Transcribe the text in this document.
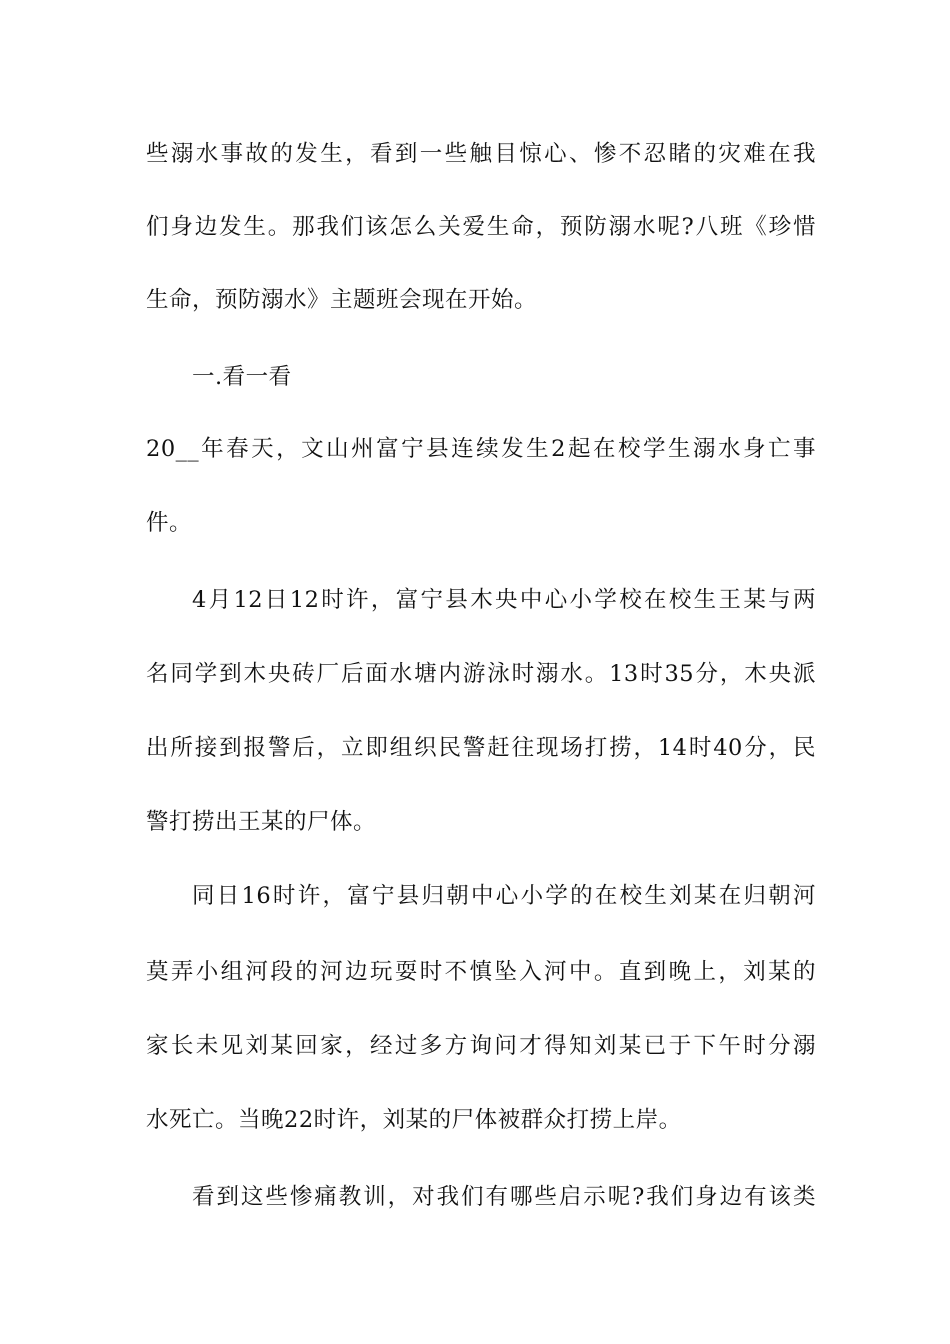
些溺水事故的发生，看到一些触目惊心、惨不忍睹的灾难在我
们身边发生。那我们该怎么关爱生命，预防溺水呢?八班《珍惜
生命，预防溺水》主题班会现在开始。
一.看一看
20__年春天，文山州富宁县连续发生2起在校学生溺水身亡事
件。
4月12日12时许，富宁县木央中心小学校在校生王某与两
名同学到木央砖厂后面水塘内游泳时溺水。13时35分，木央派
出所接到报警后，立即组织民警赶往现场打捞，14时40分，民
警打捞出王某的尸体。
同日16时许，富宁县归朝中心小学的在校生刘某在归朝河
莫弄小组河段的河边玩耍时不慎坠入河中。直到晚上，刘某的
家长未见刘某回家，经过多方询问才得知刘某已于下午时分溺
水死亡。当晚22时许，刘某的尸体被群众打捞上岸。
看到这些惨痛教训，对我们有哪些启示呢?我们身边有该类
